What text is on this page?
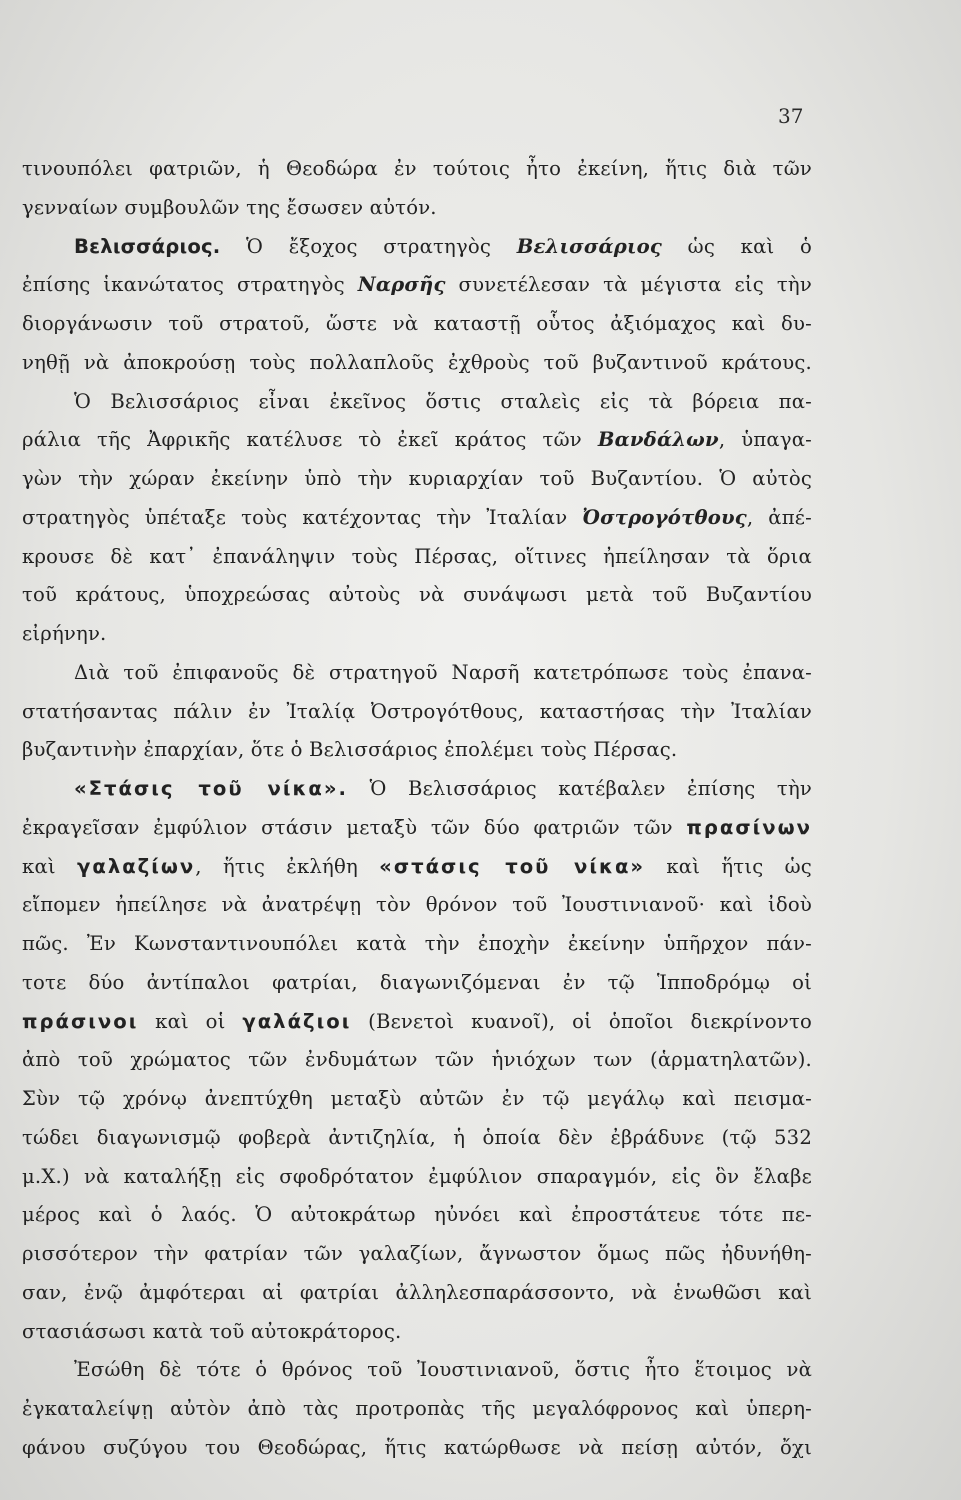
37
τινουπόλει φατριῶν, ἡ Θεοδώρα ἐν τούτοις ἦτο ἐκείνη, ἥτις διὰ τῶν
γενναίων συμβουλῶν της ἔσωσεν αὐτόν.
Βελισσάριος. Ὁ ἔξοχος στρατηγὸς Βελισσάριος ὡς καὶ ὁ
ἐπίσης ἱκανώτατος στρατηγὸς Ναρσῆς συνετέλεσαν τὰ μέγιστα εἰς τὴν
διοργάνωσιν τοῦ στρατοῦ, ὥστε νὰ καταστῇ οὗτος ἀξιόμαχος καὶ δυ-
νηθῇ νὰ ἀποκρούσῃ τοὺς πολλαπλοῦς ἐχθροὺς τοῦ βυζαντινοῦ κράτους.
Ὁ Βελισσάριος εἶναι ἐκεῖνος ὅστις σταλεὶς εἰς τὰ βόρεια πα-
ράλια τῆς Ἀφρικῆς κατέλυσε τὸ ἐκεῖ κράτος τῶν Βανδάλων, ὑπαγα-
γὼν τὴν χώραν ἐκείνην ὑπὸ τὴν κυριαρχίαν τοῦ Βυζαντίου. Ὁ αὐτὸς
στρατηγὸς ὑπέταξε τοὺς κατέχοντας τὴν Ἰταλίαν Ὀστρογότθους, ἀπέ-
κρουσε δὲ κατ᾽ ἐπανάληψιν τοὺς Πέρσας, οἵτινες ἠπείλησαν τὰ ὅρια
τοῦ κράτους, ὑποχρεώσας αὐτοὺς νὰ συνάψωσι μετὰ τοῦ Βυζαντίου
εἰρήνην.
Διὰ τοῦ ἐπιφανοῦς δὲ στρατηγοῦ Ναρσῆ κατετρόπωσε τοὺς ἐπανα-
στατήσαντας πάλιν ἐν Ἰταλίᾳ Ὀστρογότθους, καταστήσας τὴν Ἰταλίαν
βυζαντινὴν ἐπαρχίαν, ὅτε ὁ Βελισσάριος ἐπολέμει τοὺς Πέρσας.
«Στάσις τοῦ νίκα». Ὁ Βελισσάριος κατέβαλεν ἐπίσης τὴν
ἐκραγεῖσαν ἐμφύλιον στάσιν μεταξὺ τῶν δύο φατριῶν τῶν πρασίνων
καὶ γαλαζίων, ἥτις ἐκλήθη «στάσις τοῦ νίκα» καὶ ἥτις ὡς
εἴπομεν ἠπείλησε νὰ ἀνατρέψῃ τὸν θρόνον τοῦ Ἰουστινιανοῦ· καὶ ἰδοὺ
πῶς. Ἐν Κωνσταντινουπόλει κατὰ τὴν ἐποχὴν ἐκείνην ὑπῆρχον πάν-
τοτε δύο ἀντίπαλοι φατρίαι, διαγωνιζόμεναι ἐν τῷ Ἱπποδρόμῳ οἱ
πράσινοι καὶ οἱ γαλάζιοι (Βενετοὶ κυανοῖ), οἱ ὁποῖοι διεκρίνοντο
ἀπὸ τοῦ χρώματος τῶν ἐνδυμάτων τῶν ἡνιόχων των (ἁρματηλατῶν).
Σὺν τῷ χρόνῳ ἀνεπτύχθη μεταξὺ αὐτῶν ἐν τῷ μεγάλῳ καὶ πεισμα-
τώδει διαγωνισμῷ φοβερὰ ἀντιζηλία, ἡ ὁποία δὲν ἐβράδυνε (τῷ 532
μ.Χ.) νὰ καταλήξῃ εἰς σφοδρότατον ἐμφύλιον σπαραγμόν, εἰς ὃν ἔλαβε
μέρος καὶ ὁ λαός. Ὁ αὐτοκράτωρ ηὐνόει καὶ ἐπροστάτευε τότε πε-
ρισσότερον τὴν φατρίαν τῶν γαλαζίων, ἄγνωστον ὅμως πῶς ἠδυνήθη-
σαν, ἐνῷ ἀμφότεραι αἱ φατρίαι ἀλληλεσπαράσσοντο, νὰ ἑνωθῶσι καὶ
στασιάσωσι κατὰ τοῦ αὐτοκράτορος.
Ἐσώθη δὲ τότε ὁ θρόνος τοῦ Ἰουστινιανοῦ, ὅστις ἦτο ἕτοιμος νὰ
ἐγκαταλείψῃ αὐτὸν ἀπὸ τὰς προτροπὰς τῆς μεγαλόφρονος καὶ ὑπερη-
φάνου συζύγου του Θεοδώρας, ἥτις κατώρθωσε νὰ πείσῃ αὐτόν, ὄχι
